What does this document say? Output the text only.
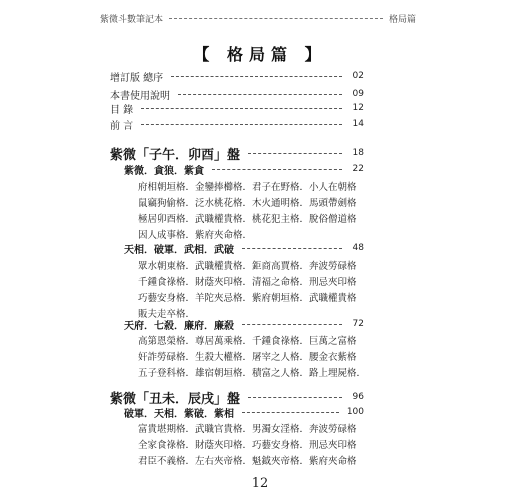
紫微斗數筆記本	格局篇
【 格局篇 】
增訂版 總序	02
本書使用說明	09
目 錄	12
前 言	14
紫微「子午．卯酉」盤	18
紫微．貪狼．紫貪	22
府相朝垣格．金鑾捧櫛格．君子在野格．小人在朝格
鼠竊狗偷格．泛水桃花格．木火通明格．馬頭帶劍格
極居卯酉格．武職權貴格．桃花犯主格．脫俗僧道格
因人成事格．紫府夾命格．
天相．破軍．武相．武破	48
眾水朝東格．武職權貴格．鉅商高賈格．奔波勞碌格
千鍾食祿格．財蔭夾印格．清福之命格．刑忌夾印格
巧藝安身格．羊陀夾忌格．紫府朝垣格．武職權貴格
販夫走卒格．
天府．七殺．廉府．廉殺	72
高第恩榮格．尊居萬乘格．千鍾食祿格．巨萬之富格
奸詐勞碌格．生殺大權格．屠宰之人格．腰金衣紫格
五子登科格．雄宿朝垣格．積富之人格．路上埋屍格．
紫微「丑未．辰戌」盤	96
破軍．天相．紫破．紫相	100
富貴堪期格．武職官貴格．男濁女淫格．奔波勞碌格
全家食祿格．財蔭夾印格．巧藝安身格．刑忌夾印格
君臣不義格．左右夾帝格．魁鉞夾帝格．紫府夾命格
12
